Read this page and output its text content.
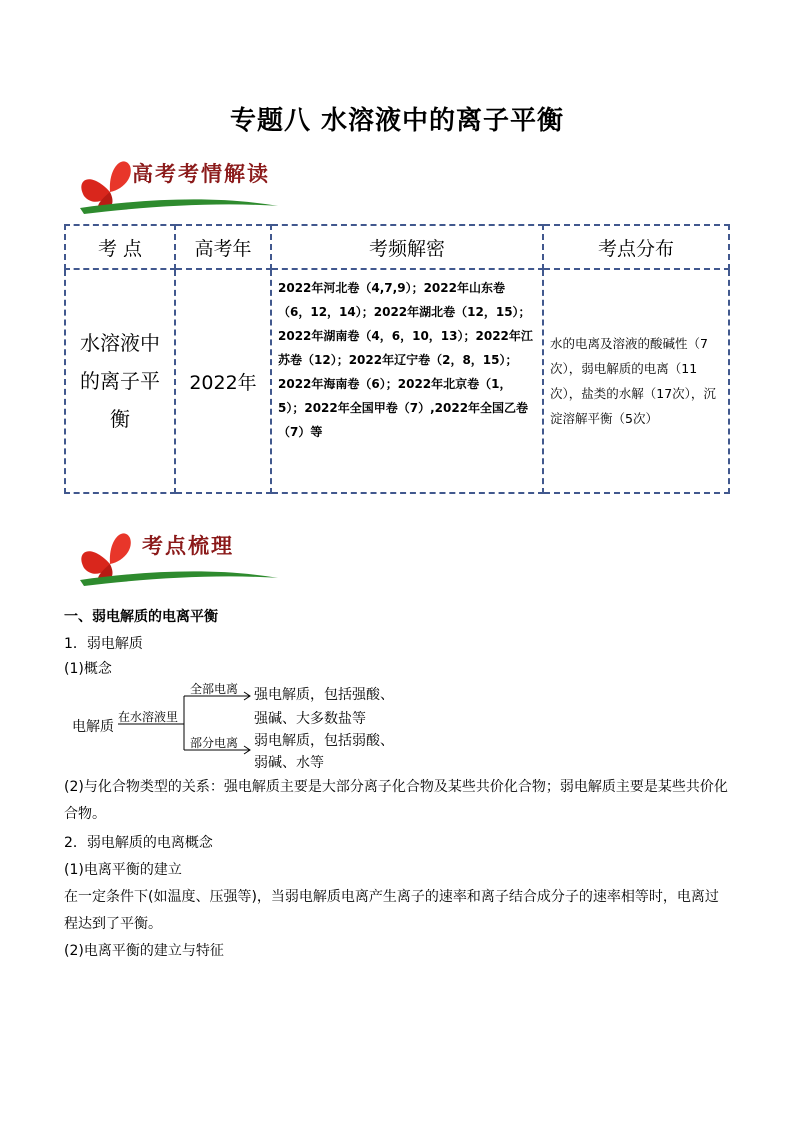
专题八 水溶液中的离子平衡
高考考情解读
考 点	高考年	考频解密	考点分布
水溶液中的离子平衡	2022年	2022年河北卷（4,7,9）；2022年山东卷（6，12，14）；2022年湖北卷（12，15）；2022年湖南卷（4，6，10，13）；2022年江苏卷（12）；2022年辽宁卷（2，8，15）；2022年海南卷（6）；2022年北京卷（1，5）；2022年全国甲卷（7）,2022年全国乙卷（7）等	水的电离及溶液的酸碱性（7次），弱电解质的电离（11次），盐类的水解（17次），沉淀溶解平衡（5次）
考点梳理
一、弱电解质的电离平衡
1．弱电解质
(1)概念
电解质
在水溶液里
全部电离
部分电离
强电解质，包括强酸、
强碱、大多数盐等
弱电解质，包括弱酸、
弱碱、水等
(2)与化合物类型的关系：强电解质主要是大部分离子化合物及某些共价化合物；弱电解质主要是某些共价化合物。
2．弱电解质的电离概念
(1)电离平衡的建立
在一定条件下(如温度、压强等)，当弱电解质电离产生离子的速率和离子结合成分子的速率相等时，电离过程达到了平衡。
(2)电离平衡的建立与特征
